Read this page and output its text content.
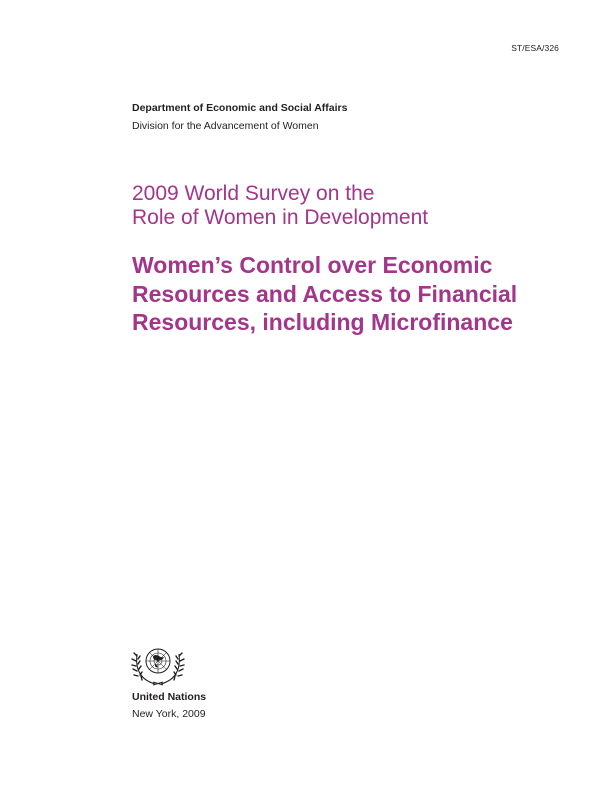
ST/ESA/326
Department of Economic and Social Affairs
Division for the Advancement of Women
2009 World Survey on the
Role of Women in Development
Women’s Control over Economic
Resources and Access to Financial
Resources, including Microfinance
United Nations
New York, 2009
